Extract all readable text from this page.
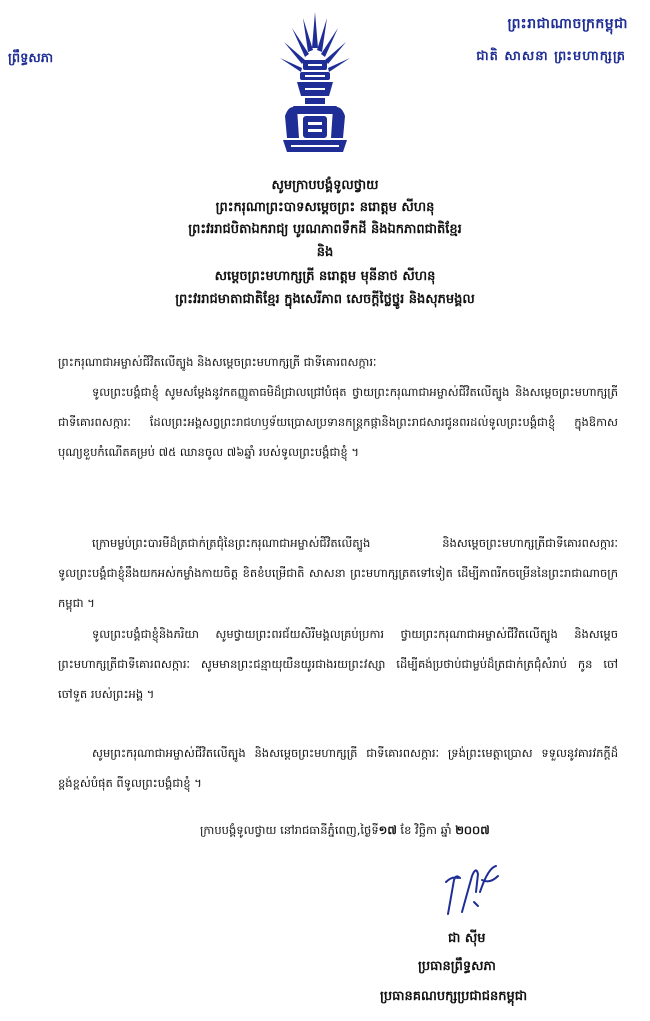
ព្រឹទ្ធសភា
ព្រះរាជាណាចក្រកម្ពុជា
ជាតិ សាសនា ព្រះមហាក្សត្រ
សូមក្រាបបង្គំទូលថ្វាយ
ព្រះករុណាព្រះបាទសម្តេចព្រះ នរោត្តម សីហនុ
ព្រះវររាជបិតាឯករាជ្យ បូរណភាពទឹកដី និងឯកភាពជាតិខ្មែរ
និង
សម្តេចព្រះមហាក្សត្រី នរោត្តម មុនីនាថ សីហនុ
ព្រះវររាជមាតាជាតិខ្មែរ ក្នុងសេរីភាព សេចក្តីថ្លៃថ្នូរ និងសុភមង្គល
ព្រះករុណាជាអម្ចាស់ជីវិតលើត្បូង និងសម្តេចព្រះមហាក្សត្រី ជាទីគោរពសក្ការៈ
ទូលព្រះបង្គំជាខ្ញុំ សូមសម្តែងនូវកតញ្ញូតាធមិដ៏ជ្រាលជ្រៅបំផុត ថ្វាយព្រះករុណាជាអម្ចាស់ជីវិតលើត្បូង និងសម្តេចព្រះមហាក្សត្រីជាទីគោរពសក្ការៈ ដែលព្រះអង្គសព្វព្រះរាជហឫទ័យប្រោសប្រទានកន្ត្រកផ្កានិងព្រះរាជសារជូនពរដល់ទូលព្រះបង្គំជាខ្ញុំ ក្នុងឱកាសបុណ្យខួបកំណើតគម្រប់ ៧៥ ឈានចូល ៧៦ឆ្នាំ របស់ទូលព្រះបង្គំជាខ្ញុំ ។
ក្រោមម្លប់ព្រះបារមីដ៏ត្រជាក់ត្រជុំនៃព្រះករុណាជាអម្ចាស់ជីវិតលើត្បូង និងសម្តេចព្រះមហាក្សត្រីជាទីគោរពសក្ការៈ ទូលព្រះបង្គំជាខ្ញុំនឹងយកអស់កម្លាំងកាយចិត្ត ខិតខំបម្រើជាតិ សាសនា ព្រះមហាក្សត្រតទៅទៀត ដើម្បីភាពរីកចម្រើននៃព្រះរាជាណាចក្រកម្ពុជា ។
ទូលព្រះបង្គំជាខ្ញុំនិងភរិយា សូមថ្វាយព្រះពរជ័យសិរីមង្គលគ្រប់ប្រការ ថ្វាយព្រះករុណាជាអម្ចាស់ជីវិតលើត្បូង និងសម្តេចព្រះមហាក្សត្រីជាទីគោរពសក្ការៈ សូមមានព្រះជន្មាយុយឺនយូរជាងរយព្រះវស្សា ដើម្បីគង់ប្រថាប់ជាម្លប់ដ៏ត្រជាក់ត្រជុំសំរាប់ កូន ចៅ ចៅទួត របស់ព្រះអង្គ ។
សូមព្រះករុណាជាអម្ចាស់ជីវិតលើត្បូង និងសម្តេចព្រះមហាក្សត្រី ជាទីគោរពសក្ការៈ ទ្រង់ព្រះមេត្តាប្រោស ទទួលនូវគារវភក្តីដ៏ខ្ពង់ខ្ពស់បំផុត ពីទូលព្រះបង្គំជាខ្ញុំ ។
ក្រាបបង្គំទូលថ្វាយ នៅរាជធានីភ្នំពេញ,ថ្ងៃទី១៧ ខែ វិច្ឆិកា ឆ្នាំ ២០០៧
ជា ស៊ីម
ប្រធានព្រឹទ្ធសភា
ប្រធានគណបក្សប្រជាជនកម្ពុជា
